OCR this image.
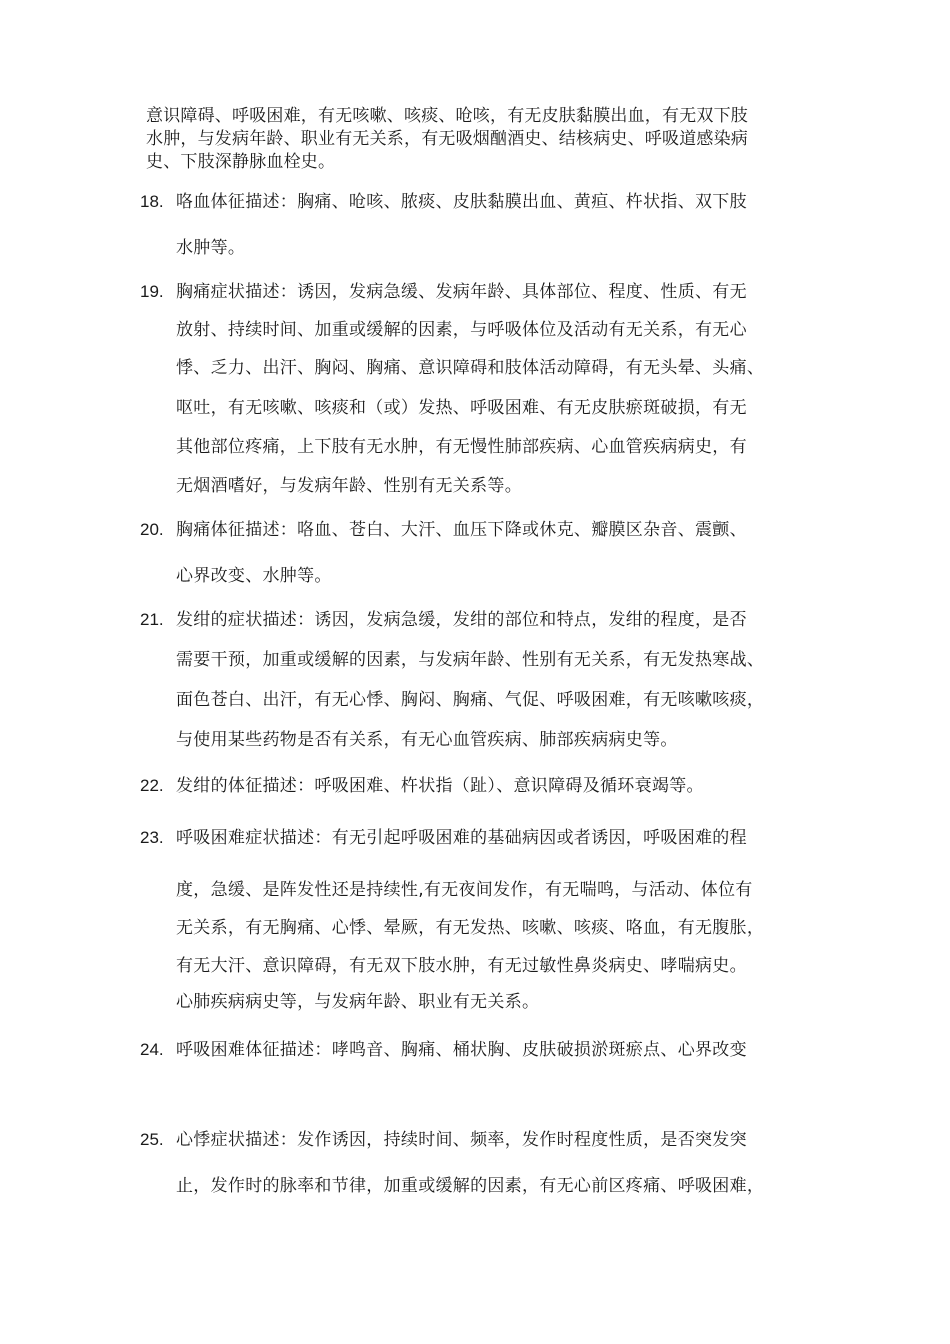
意识障碍、呼吸困难，有无咳嗽、咳痰、呛咳，有无皮肤黏膜出血，有无双下肢
水肿，与发病年龄、职业有无关系，有无吸烟酗酒史、结核病史、呼吸道感染病
史、下肢深静脉血栓史。
18. 咯血体征描述：胸痛、呛咳、脓痰、皮肤黏膜出血、黄疸、杵状指、双下肢
水肿等。
19. 胸痛症状描述：诱因，发病急缓、发病年龄、具体部位、程度、性质、有无
放射、持续时间、加重或缓解的因素，与呼吸体位及活动有无关系，有无心
悸、乏力、出汗、胸闷、胸痛、意识障碍和肢体活动障碍，有无头晕、头痛、
呕吐，有无咳嗽、咳痰和（或）发热、呼吸困难、有无皮肤瘀斑破损，有无
其他部位疼痛，上下肢有无水肿，有无慢性肺部疾病、心血管疾病病史，有
无烟酒嗜好，与发病年龄、性别有无关系等。
20. 胸痛体征描述：咯血、苍白、大汗、血压下降或休克、瓣膜区杂音、震颤、
心界改变、水肿等。
21. 发绀的症状描述：诱因，发病急缓，发绀的部位和特点，发绀的程度，是否
需要干预，加重或缓解的因素，与发病年龄、性别有无关系，有无发热寒战、
面色苍白、出汗，有无心悸、胸闷、胸痛、气促、呼吸困难，有无咳嗽咳痰，
与使用某些药物是否有关系，有无心血管疾病、肺部疾病病史等。
22. 发绀的体征描述：呼吸困难、杵状指（趾）、意识障碍及循环衰竭等。
23. 呼吸困难症状描述：有无引起呼吸困难的基础病因或者诱因，呼吸困难的程
度，急缓、是阵发性还是持续性,有无夜间发作，有无喘鸣，与活动、体位有
无关系，有无胸痛、心悸、晕厥，有无发热、咳嗽、咳痰、咯血，有无腹胀，
有无大汗、意识障碍，有无双下肢水肿，有无过敏性鼻炎病史、哮喘病史。
心肺疾病病史等，与发病年龄、职业有无关系。
24. 呼吸困难体征描述：哮鸣音、胸痛、桶状胸、皮肤破损淤斑瘀点、心界改变
25. 心悸症状描述：发作诱因，持续时间、频率，发作时程度性质，是否突发突
止，发作时的脉率和节律，加重或缓解的因素，有无心前区疼痛、呼吸困难，
